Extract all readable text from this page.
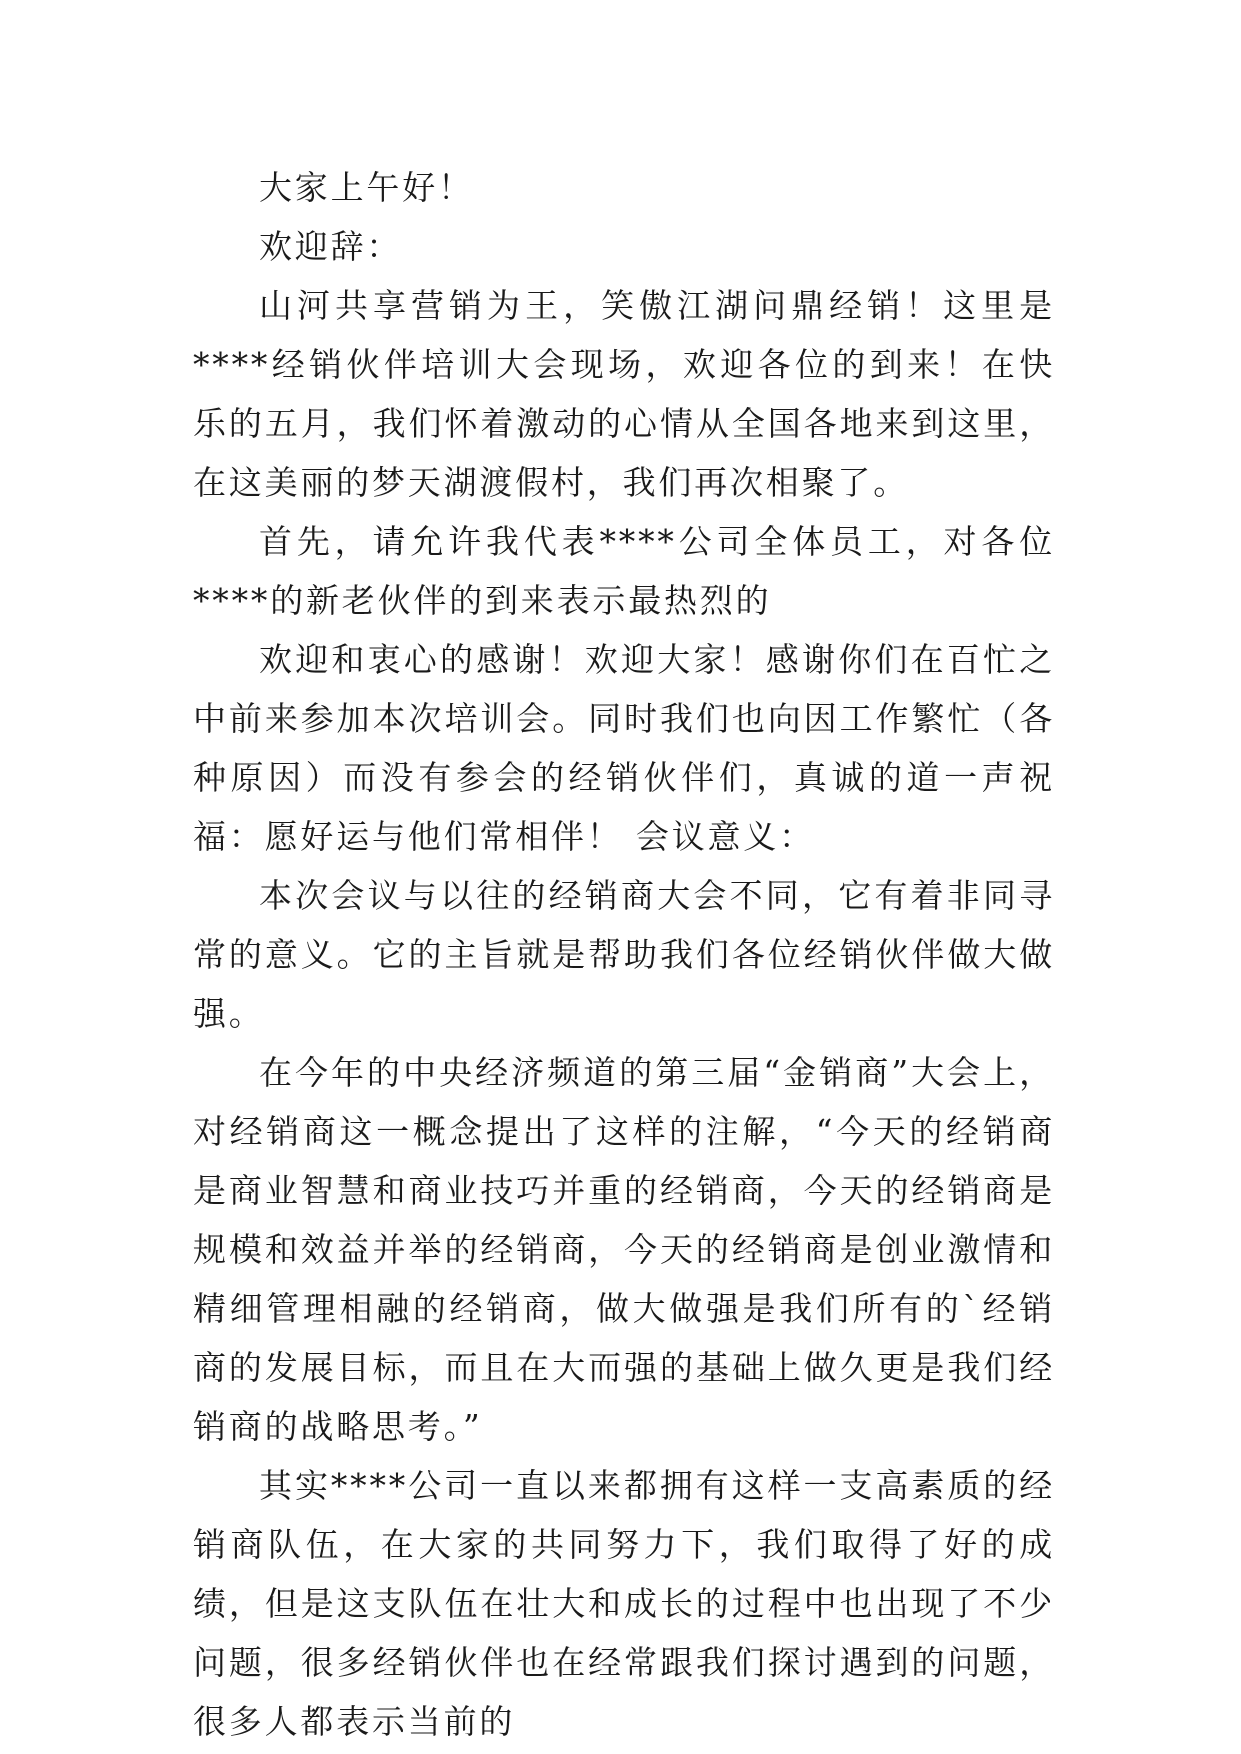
大家上午好！

欢迎辞：

山河共享营销为王，笑傲江湖问鼎经销！这里是****经销伙伴培训大会现场，欢迎各位的到来！在快乐的五月，我们怀着激动的心情从全国各地来到这里，在这美丽的梦天湖渡假村，我们再次相聚了。

首先，请允许我代表****公司全体员工，对各位****的新老伙伴的到来表示最热烈的

欢迎和衷心的感谢！欢迎大家！感谢你们在百忙之中前来参加本次培训会。同时我们也向因工作繁忙（各种原因）而没有参会的经销伙伴们，真诚的道一声祝福：愿好运与他们常相伴！ 会议意义：

本次会议与以往的经销商大会不同，它有着非同寻常的意义。它的主旨就是帮助我们各位经销伙伴做大做强。

在今年的中央经济频道的第三届“金销商”大会上，对经销商这一概念提出了这样的注解，“今天的经销商是商业智慧和商业技巧并重的经销商，今天的经销商是规模和效益并举的经销商，今天的经销商是创业激情和精细管理相融的经销商，做大做强是我们所有的`经销商的发展目标，而且在大而强的基础上做久更是我们经销商的战略思考。”

其实****公司一直以来都拥有这样一支高素质的经销商队伍，在大家的共同努力下，我们取得了好的成绩，但是这支队伍在壮大和成长的过程中也出现了不少问题，很多经销伙伴也在经常跟我们探讨遇到的问题，很多人都表示当前的
